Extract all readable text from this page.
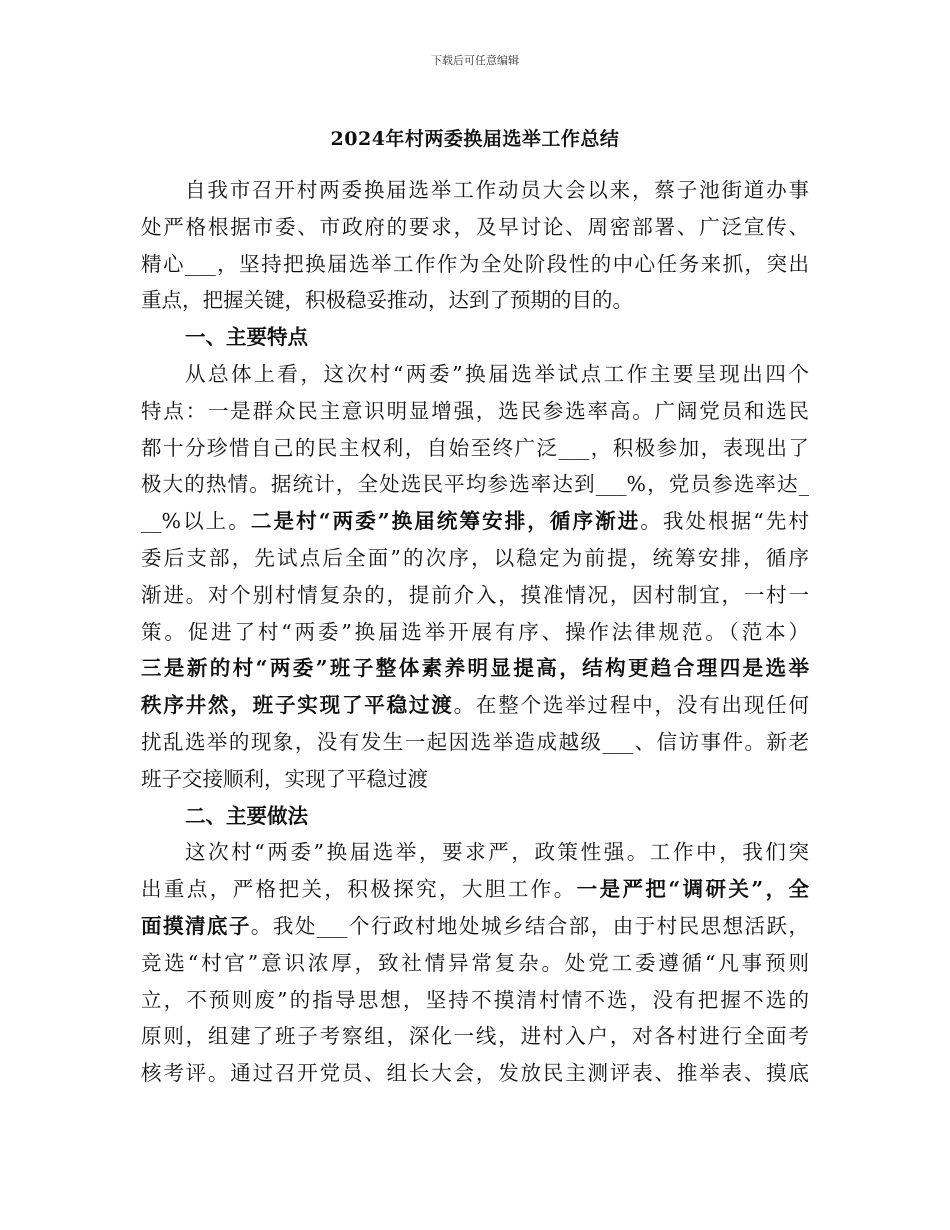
下载后可任意编辑
2024年村两委换届选举工作总结
自我市召开村两委换届选举工作动员大会以来，蔡子池街道办事
处严格根据市委、市政府的要求，及早讨论、周密部署、广泛宣传、
精心___，坚持把换届选举工作作为全处阶段性的中心任务来抓，突出
重点，把握关键，积极稳妥推动，达到了预期的目的。
一、主要特点
从总体上看，这次村“两委”换届选举试点工作主要呈现出四个
特点：一是群众民主意识明显增强，选民参选率高。广阔党员和选民
都十分珍惜自己的民主权利，自始至终广泛___，积极参加，表现出了
极大的热情。据统计，全处选民平均参选率达到___%，党员参选率达_
__%以上。二是村“两委”换届统筹安排，循序渐进。我处根据“先村
委后支部，先试点后全面”的次序，以稳定为前提，统筹安排，循序
渐进。对个别村情复杂的，提前介入，摸准情况，因村制宜，一村一
策。促进了村“两委”换届选举开展有序、操作法律规范。（范本）
三是新的村“两委”班子整体素养明显提高，结构更趋合理四是选举
秩序井然，班子实现了平稳过渡。在整个选举过程中，没有出现任何
扰乱选举的现象，没有发生一起因选举造成越级___、信访事件。新老
班子交接顺利，实现了平稳过渡
二、主要做法
这次村“两委”换届选举，要求严，政策性强。工作中，我们突
出重点，严格把关，积极探究，大胆工作。一是严把“调研关”，全
面摸清底子。我处___个行政村地处城乡结合部，由于村民思想活跃，
竞选“村官”意识浓厚，致社情异常复杂。处党工委遵循“凡事预则
立，不预则废”的指导思想，坚持不摸清村情不选，没有把握不选的
原则，组建了班子考察组，深化一线，进村入户，对各村进行全面考
核考评。通过召开党员、组长大会，发放民主测评表、推举表、摸底
